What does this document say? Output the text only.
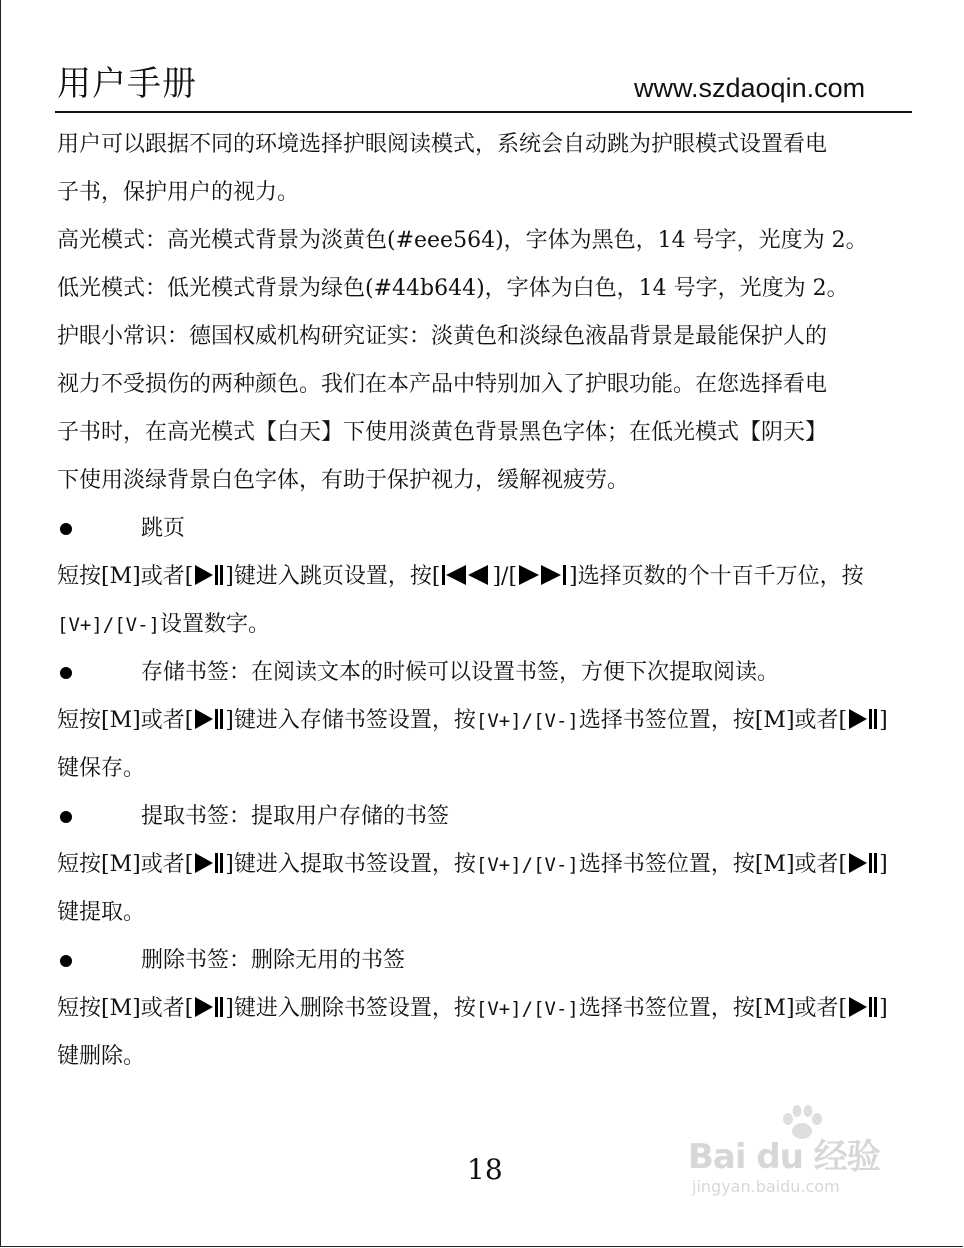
用户手册	www.szdaoqin.com
用户可以跟据不同的环境选择护眼阅读模式，系统会自动跳为护眼模式设置看电
子书，保护用户的视力。
高光模式：高光模式背景为淡黄色(#eee564)，字体为黑色，14 号字，光度为 2。
低光模式：低光模式背景为绿色(#44b644)，字体为白色，14 号字，光度为 2。
护眼小常识：德国权威机构研究证实：淡黄色和淡绿色液晶背景是最能保护人的
视力不受损伤的两种颜色。我们在本产品中特别加入了护眼功能。在您选择看电
子书时，在高光模式【白天】下使用淡黄色背景黑色字体；在低光模式【阴天】
下使用淡绿背景白色字体，有助于保护视力，缓解视疲劳。
跳页
短按[M]或者[ ]键进入跳页设置，按[ ]/[ ]选择页数的个十百千万位，按
[V+]/[V-]设置数字。
存储书签：在阅读文本的时候可以设置书签，方便下次提取阅读。
短按[M]或者[ ]键进入存储书签设置，按[V+]/[V-]选择书签位置，按[M]或者[ ]
键保存。
提取书签：提取用户存储的书签
短按[M]或者[ ]键进入提取书签设置，按[V+]/[V-]选择书签位置，按[M]或者[ ]
键提取。
删除书签：删除无用的书签
短按[M]或者[ ]键进入删除书签设置，按[V+]/[V-]选择书签位置，按[M]或者[ ]
键删除。
18	Bai du 经验
jingyan.baidu.com
